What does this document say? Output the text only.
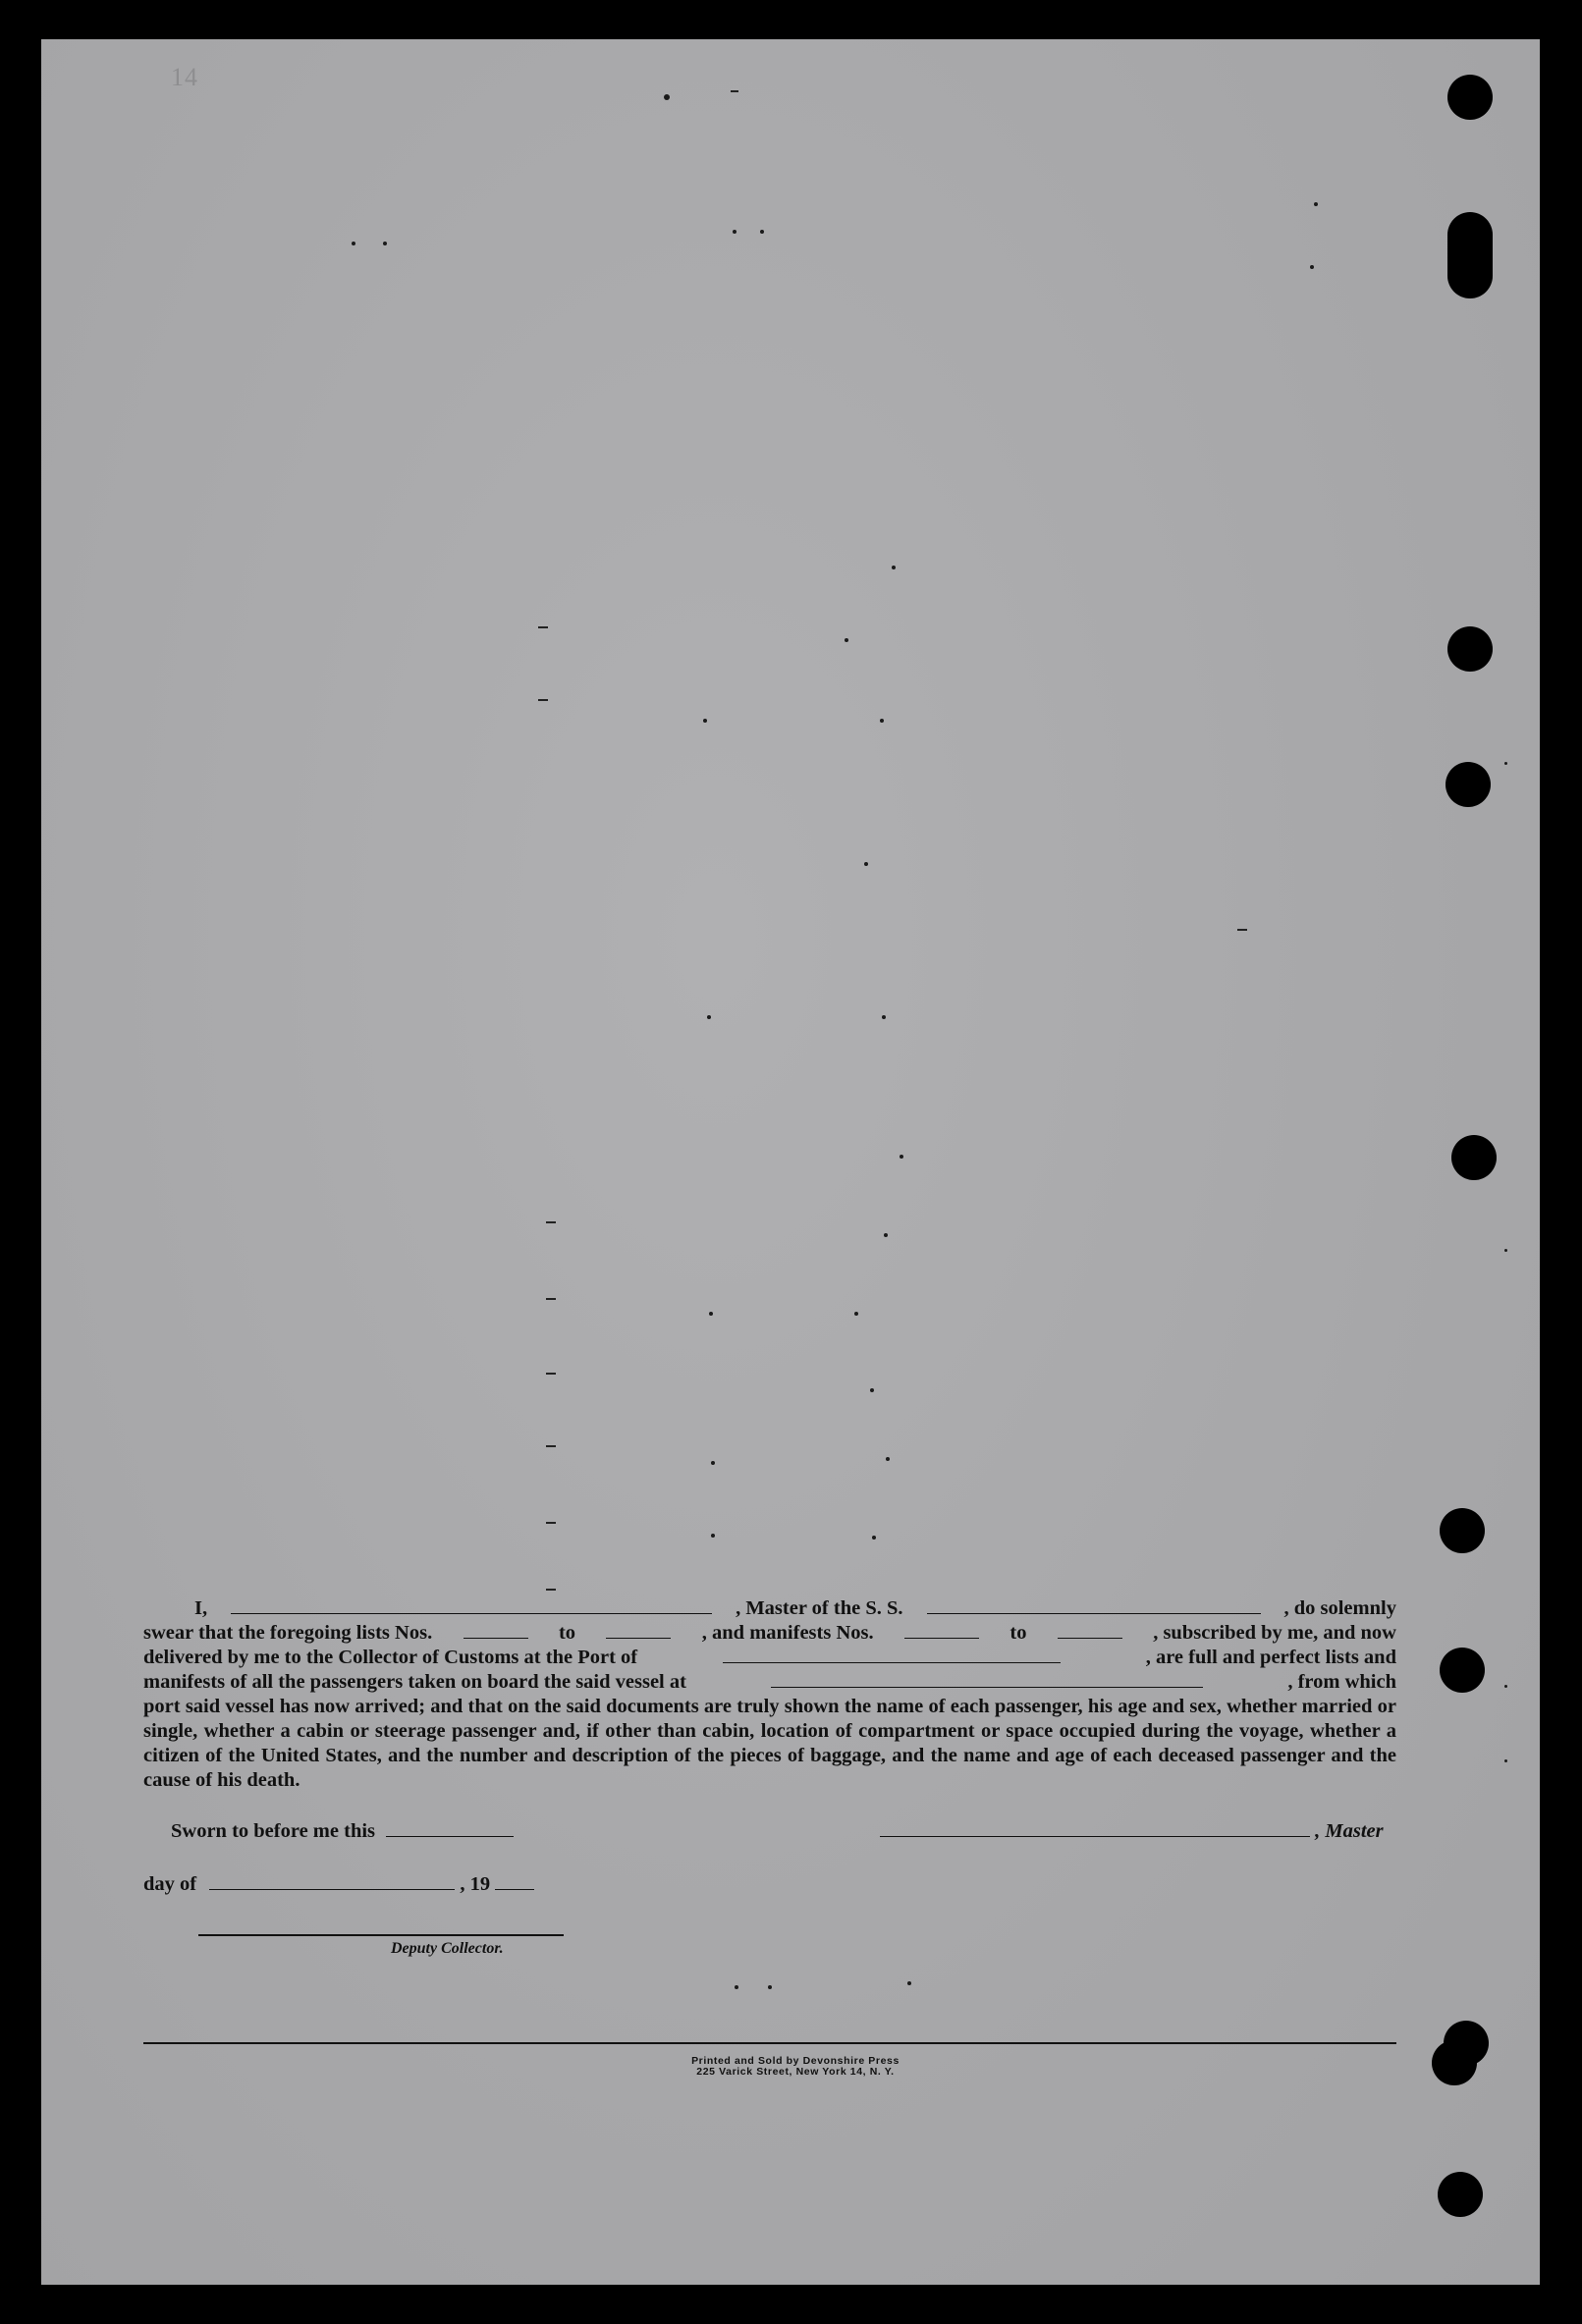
14
I,	, Master of the S. S.	, do solemnly
swear that the foregoing lists Nos.	to	, and manifests Nos.	to	, subscribed by me, and now
delivered by me to the Collector of Customs at the Port of	, are full and perfect lists and
manifests of all the passengers taken on board the said vessel at	, from which
port said vessel has now arrived; and that on the said documents are truly shown the name of each passenger, his age and sex, whether married or single, whether a cabin or steerage passenger and, if other than cabin, location of compartment or space occupied during the voyage, whether a citizen of the United States, and the number and description of the pieces of baggage, and the name and age of each deceased passenger and the cause of his death.
Sworn to before me this	, Master
day of	, 19
Deputy Collector.
Printed and Sold by Devonshire Press
225 Varick Street, New York 14, N. Y.
